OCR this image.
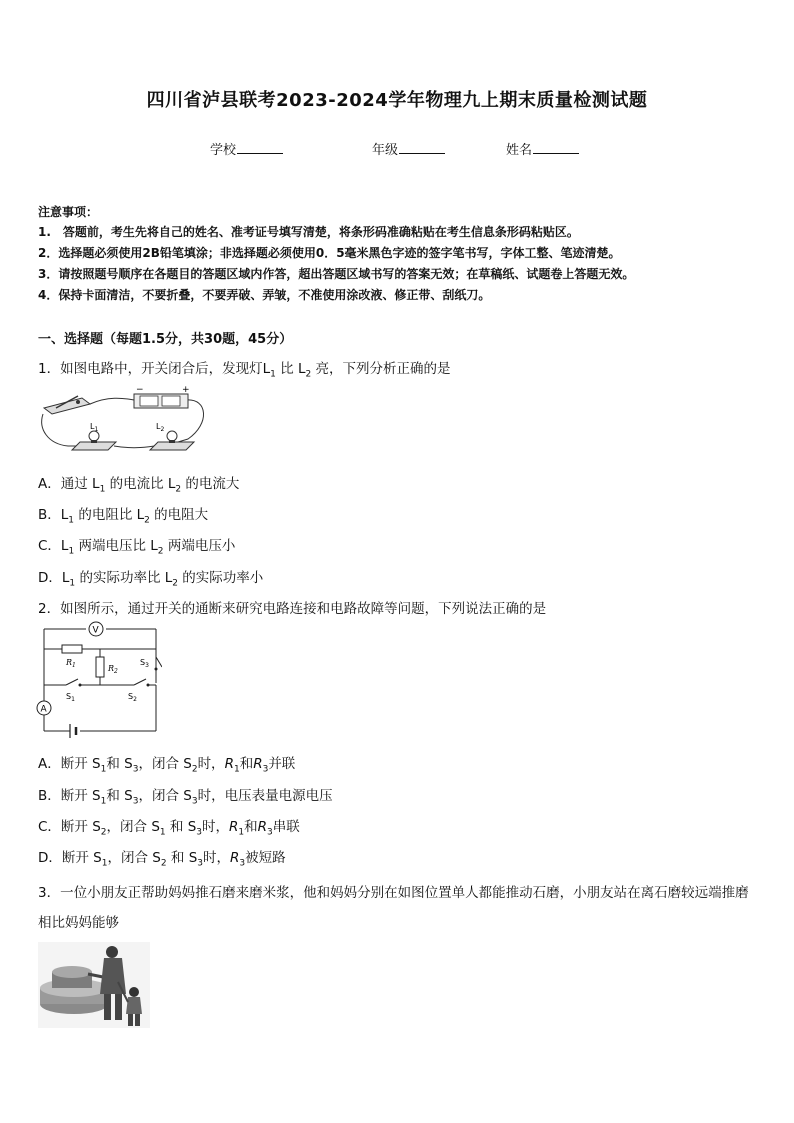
四川省泸县联考2023-2024学年物理九上期末质量检测试题
学校	年级	姓名
注意事项：
1.　答题前，考生先将自己的姓名、准考证号填写清楚，将条形码准确粘贴在考生信息条形码粘贴区。
2．选择题必须使用2B铅笔填涂；非选择题必须使用0．5毫米黑色字迹的签字笔书写，字体工整、笔迹清楚。
3．请按照题号顺序在各题目的答题区域内作答，超出答题区域书写的答案无效；在草稿纸、试题卷上答题无效。
4．保持卡面清洁，不要折叠，不要弄破、弄皱，不准使用涂改液、修正带、刮纸刀。
一、选择题（每题1.5分，共30题，45分）
1．如图电路中，开关闭合后，发现灯$L_1$ 比 $L_2$ 亮，下列分析正确的是
−	+
$L_1$	$L_2$
A．通过 $L_1$ 的电流比 $L_2$ 的电流大
B．$L_1$ 的电阻比 $L_2$ 的电阻大
C．$L_1$ 两端电压比 $L_2$ 两端电压小
D．$L_1$ 的实际功率比 $L_2$ 的实际功率小
2．如图所示，通过开关的通断来研究电路连接和电路故障等问题，下列说法正确的是
V
$R_1$	$R_2$
$S_3$
$S_1$	$S_2$
A
A．断开 $S_1$和 $S_3$，闭合 $S_2$时，$R_1$和$R_3$并联
B．断开 $S_1$和 $S_3$，闭合 $S_3$时，电压表量电源电压
C．断开 $S_2$，闭合 $S_1$ 和 $S_3$时，$R_1$和$R_3$串联
D．断开 $S_1$，闭合 $S_2$ 和 $S_3$时，$R_3$被短路
3．一位小朋友正帮助妈妈推石磨来磨米浆，他和妈妈分别在如图位置单人都能推动石磨，小朋友站在离石磨较远端推磨相比妈妈能够
